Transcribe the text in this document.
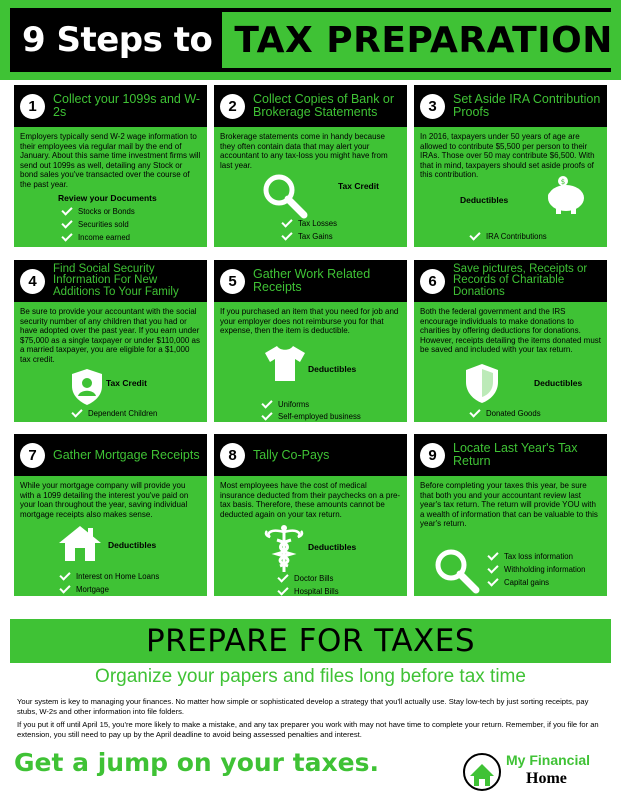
9 Steps to TAX PREPARATION
1	Collect your 1099s and W-2s
Employers typically send W-2 wage information to their employees via regular mail by the end of January. About this same time investment firms will send out 1099s as well, detailing any Stock or bond sales you've transacted over the course of the past year.
Review your Documents
Stocks or Bonds
Securities sold
Income earned
2	Collect Copies of Bank or Brokerage Statements
Brokerage statements come in handy because they often contain data that may alert your accountant to any tax-loss you might have from last year.
Tax Credit
Tax Losses
Tax Gains
3	Set Aside IRA Contribution Proofs
In 2016, taxpayers under 50 years of age are allowed to contribute $5,500 per person to their IRAs. Those over 50 may contribute $6,500. With that in mind, taxpayers should set aside proofs of this contribution.
$
Deductibles
IRA Contributions
4
Find Social Security Information For New Additions To Your Family
Be sure to provide your accountant with the social security number of any children that you had or have adopted over the past year. If you earn under $75,000 as a single taxpayer or under $110,000 as a married taxpayer, you are eligible for a $1,000 tax credit.
Tax Credit
Dependent Children
5	Gather Work Related Receipts
If you purchased an item that you need for job and your employer does not reimburse you for that expense, then the item is deductible.
Deductibles
Uniforms
Self-employed business
6
Save pictures, Receipts or Records of Charitable Donations
Both the federal government and the IRS encourage individuals to make donations to charities by offering deductions for donations. However, receipts detailing the items donated must be saved and included with your tax return.
Deductibles
Donated Goods
7	Gather Mortgage Receipts
While your mortgage company will provide you with a 1099 detailing the interest you've paid on your loan throughout the year, saving individual mortgage receipts also makes sense.
Deductibles
Interest on Home Loans
Mortgage
8	Tally Co-Pays
Most employees have the cost of medical insurance deducted from their paychecks on a pre-tax basis. Therefore, these amounts cannot be deducted again on your tax return.
Deductibles
Doctor Bills
Hospital Bills
9	Locate Last Year's Tax Return
Before completing your taxes this year, be sure that both you and your accountant review last year's tax return. The return will provide YOU with a wealth of information that can be valuable to this year's return.
Tax loss information
Withholding information
Capital gains
PREPARE FOR TAXES
Organize your papers and files long before tax time
Your system is key to managing your finances. No matter how simple or sophisticated develop a strategy that you'll actually use. Stay low-tech by just sorting receipts, pay stubs, W-2s and other information into file folders.
If you put it off until April 15, you're more likely to make a mistake, and any tax preparer you work with may not have time to complete your return. Remember, if you file for an extension, you still need to pay up by the April deadline to avoid being assessed penalties and interest.
Get a jump on your taxes.	My Financial
Home
